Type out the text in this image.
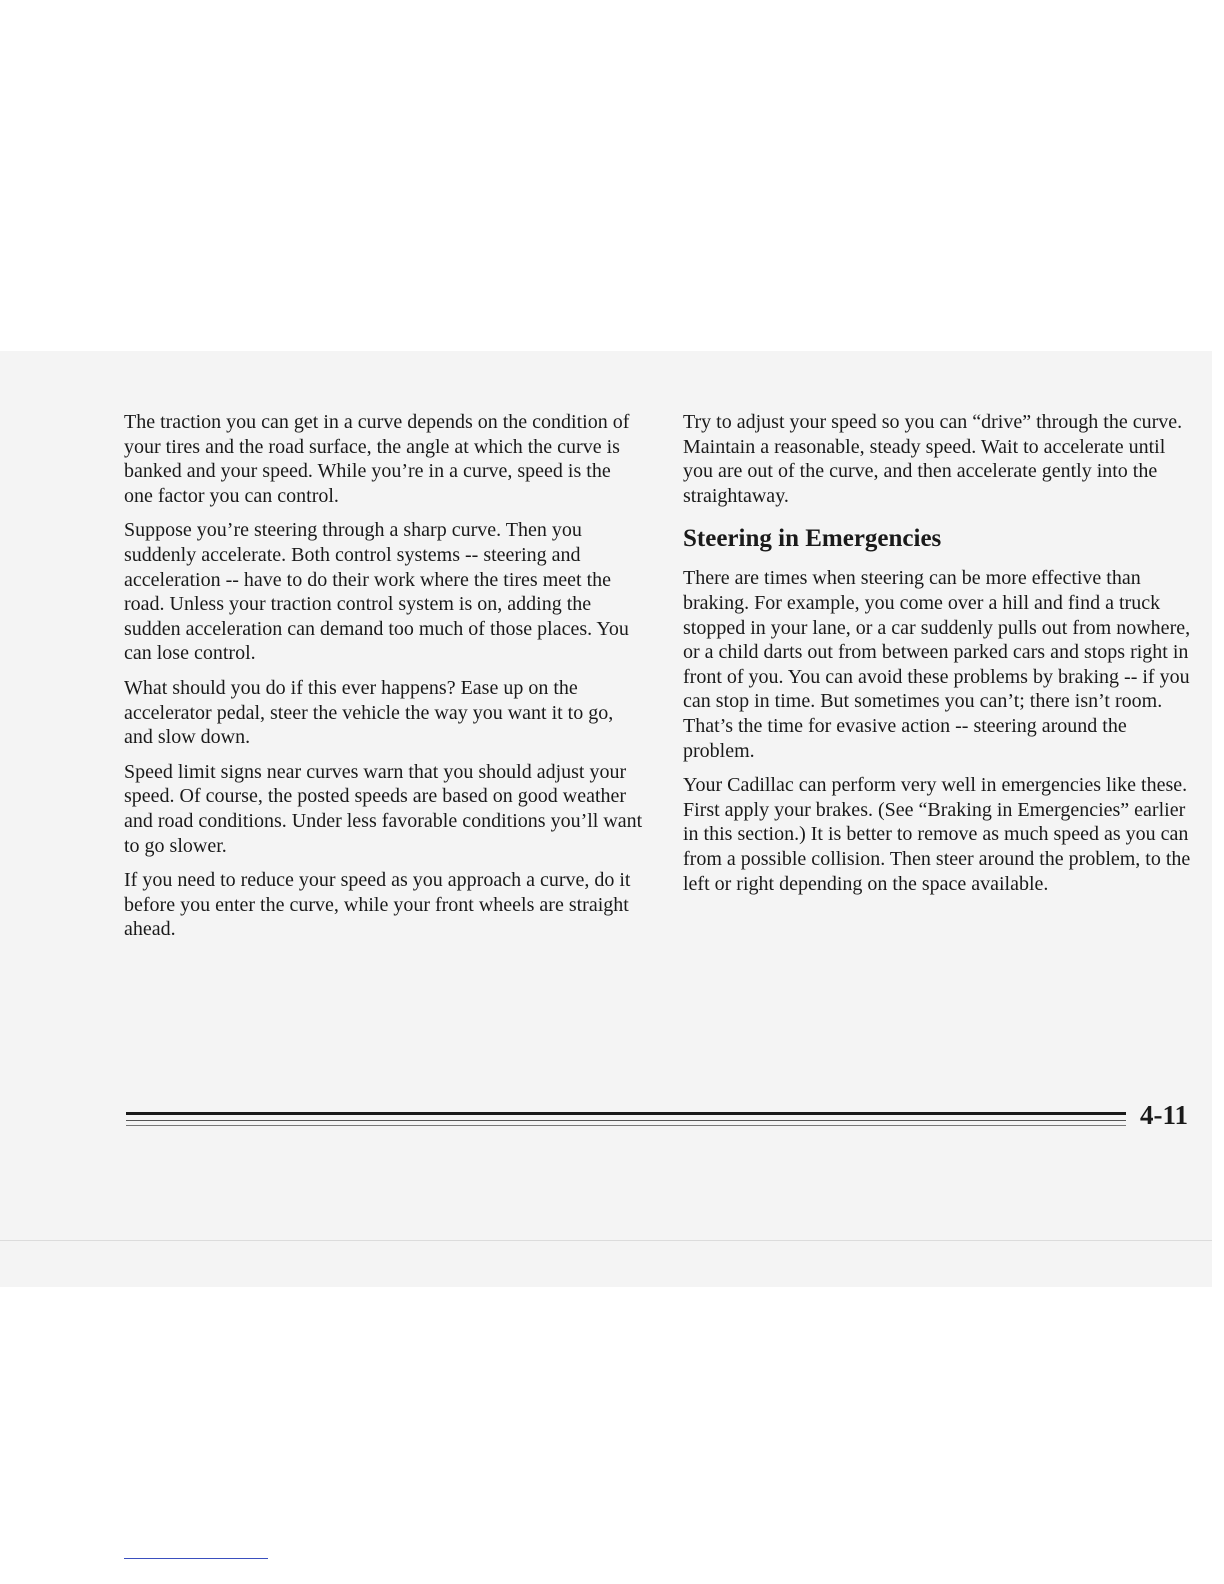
The traction you can get in a curve depends on the condition of your tires and the road surface, the angle at which the curve is banked and your speed. While you’re in a curve, speed is the one factor you can control.

Suppose you’re steering through a sharp curve. Then you suddenly accelerate. Both control systems -- steering and acceleration -- have to do their work where the tires meet the road. Unless your traction control system is on, adding the sudden acceleration can demand too much of those places. You can lose control.

What should you do if this ever happens? Ease up on the accelerator pedal, steer the vehicle the way you want it to go, and slow down.

Speed limit signs near curves warn that you should adjust your speed. Of course, the posted speeds are based on good weather and road conditions. Under less favorable conditions you’ll want to go slower.

If you need to reduce your speed as you approach a curve, do it before you enter the curve, while your front wheels are straight ahead.

Try to adjust your speed so you can “drive” through the curve. Maintain a reasonable, steady speed. Wait to accelerate until you are out of the curve, and then accelerate gently into the straightaway.

Steering in Emergencies

There are times when steering can be more effective than braking. For example, you come over a hill and find a truck stopped in your lane, or a car suddenly pulls out from nowhere, or a child darts out from between parked cars and stops right in front of you. You can avoid these problems by braking -- if you can stop in time. But sometimes you can’t; there isn’t room. That’s the time for evasive action -- steering around the problem.

Your Cadillac can perform very well in emergencies like these. First apply your brakes. (See “Braking in Emergencies” earlier in this section.) It is better to remove as much speed as you can from a possible collision. Then steer around the problem, to the left or right depending on the space available.

4-11
